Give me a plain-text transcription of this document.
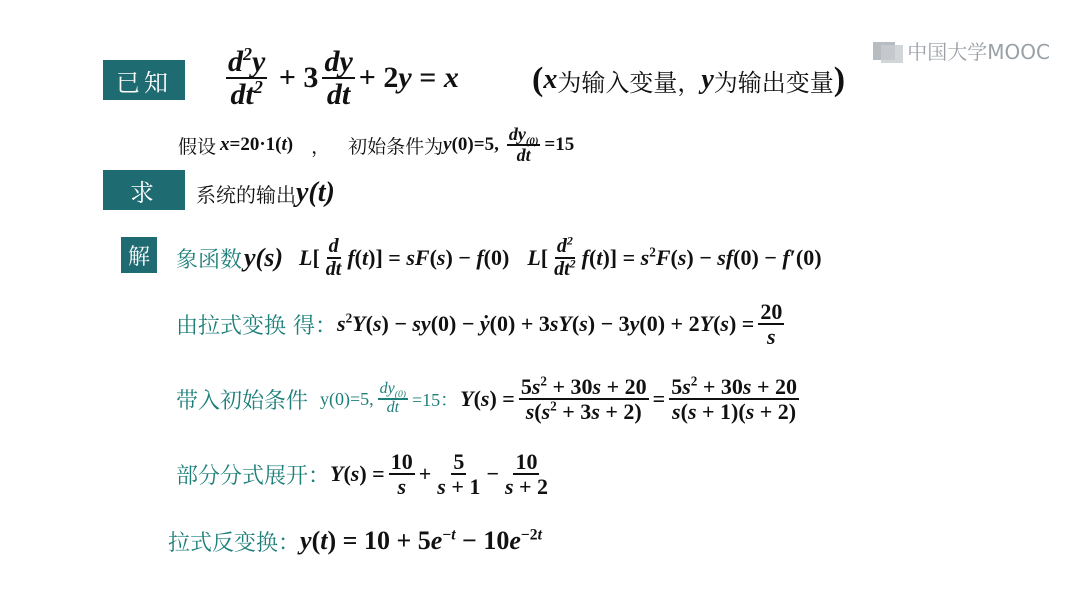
中国大学MOOC
已知 $\frac{d^2y}{dt^2} + 3 \frac{dy}{dt} + 2y = x$ ( x 为输入变量， y 为输出变量 )
假设 x=20·1(t) ， 初始条件为 y(0)=5, $\frac{dy_{(0)}}{dt} =15$
求 系统的输出 y(t)
解 象函数 y(s) $L[ \frac{d}{dt} f(t)] = sF(s) - f(0)$ $L[ \frac{d^2}{dt^2} f(t)] = s^2F(s) - sf(0) - f'(0)$
由拉式变换 得： $s^2Y(s) - sy(0)$ − ẏ(0) + $3sY(s) - 3y(0) + 2Y(s) = \frac{20}{s}$
带入初始条件 y(0)=5, $\frac{dy_{(0)}}{dt} =15$： $Y(s) = \frac{5s^2 + 30s + 20}{s(s^2 + 3s + 2)} = \frac{5s^2 + 30s + 20}{s(s + 1)(s + 2)}$
部分分式展开： $Y(s) = \frac{10}{s} + \frac{5}{s + 1} - \frac{10}{s + 2}$
拉式反变换： $y(t) = 10 + 5e^{-t} - 10e^{-2t}$
